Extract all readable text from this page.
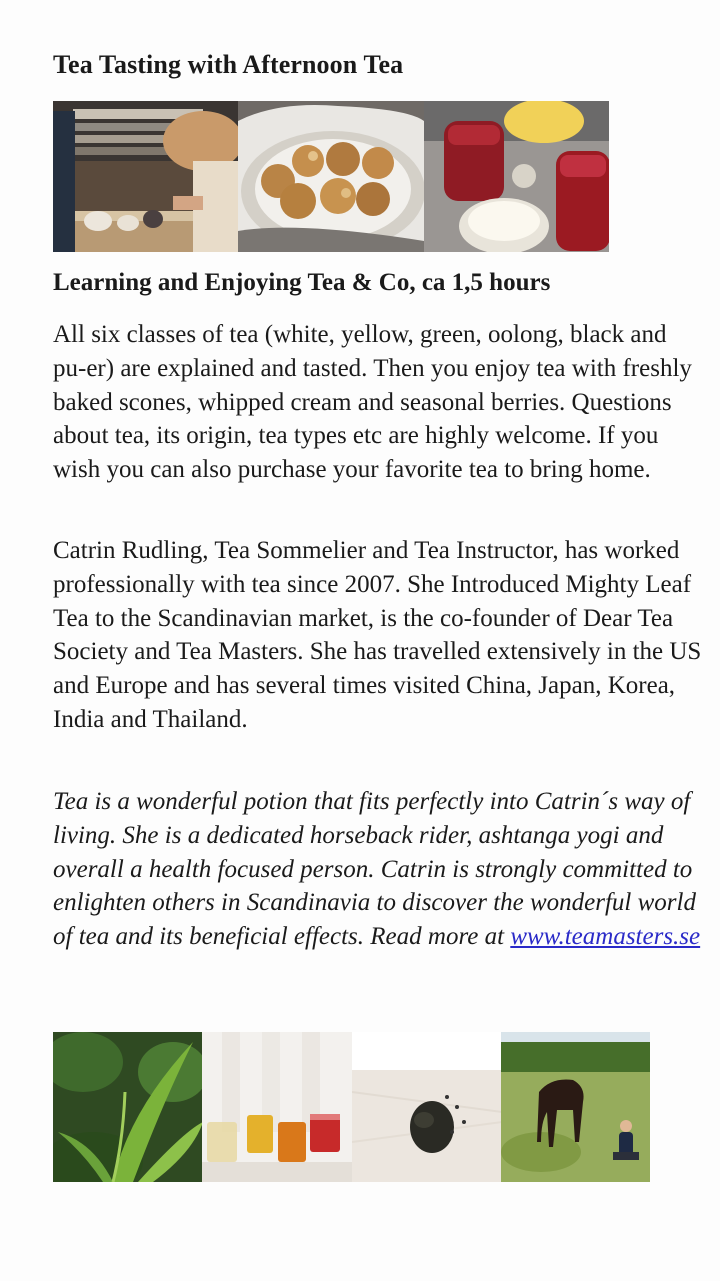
Tea Tasting with Afternoon Tea
Learning and Enjoying Tea & Co, ca 1,5 hours

All six classes of tea (white, yellow, green, oolong, black and pu-er) are explained and tasted. Then you enjoy tea with freshly baked scones, whipped cream and seasonal berries. Questions about tea, its origin, tea types etc are highly welcome. If you wish you can also purchase your favorite tea to bring home.

Catrin Rudling, Tea Sommelier and Tea Instructor, has worked professionally with tea since 2007. She Introduced Mighty Leaf Tea to the Scandinavian market, is the co-founder of Dear Tea Society and Tea Masters. She has travelled extensively in the US and Europe and has several times visited China, Japan, Korea, India and Thailand.

Tea is a wonderful potion that fits perfectly into Catrin´s way of living. She is a dedicated horseback rider, ashtanga yogi and overall a health focused person. Catrin is strongly committed to enlighten others in Scandinavia to discover the wonderful world of tea and its beneficial effects. Read more at www.teamasters.se
